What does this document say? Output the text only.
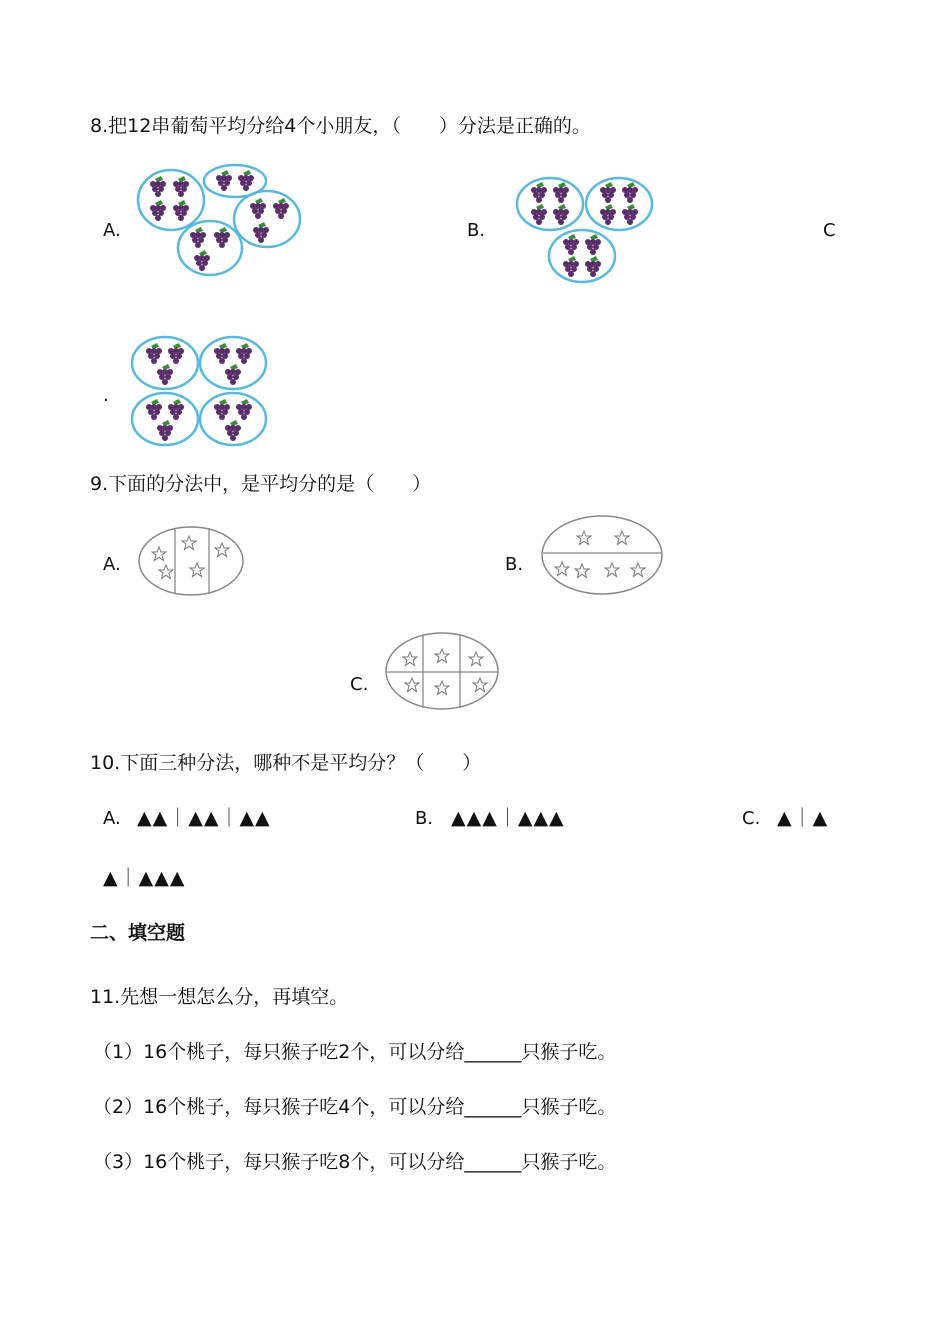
8.把12串葡萄平均分给4个小朋友，（　　）分法是正确的。
A.	B.	C
.
9.下面的分法中，是平均分的是（　　）
A.	B.
C.
10.下面三种分法，哪种不是平均分？（　　）
A. ▲▲｜▲▲｜▲▲	B. ▲▲▲｜▲▲▲	C. ▲｜▲
▲｜▲▲▲
二、填空题
11.先想一想怎么分，再填空。
（1）16个桃子，每只猴子吃2个，可以分给______只猴子吃。
（2）16个桃子，每只猴子吃4个，可以分给______只猴子吃。
（3）16个桃子，每只猴子吃8个，可以分给______只猴子吃。
